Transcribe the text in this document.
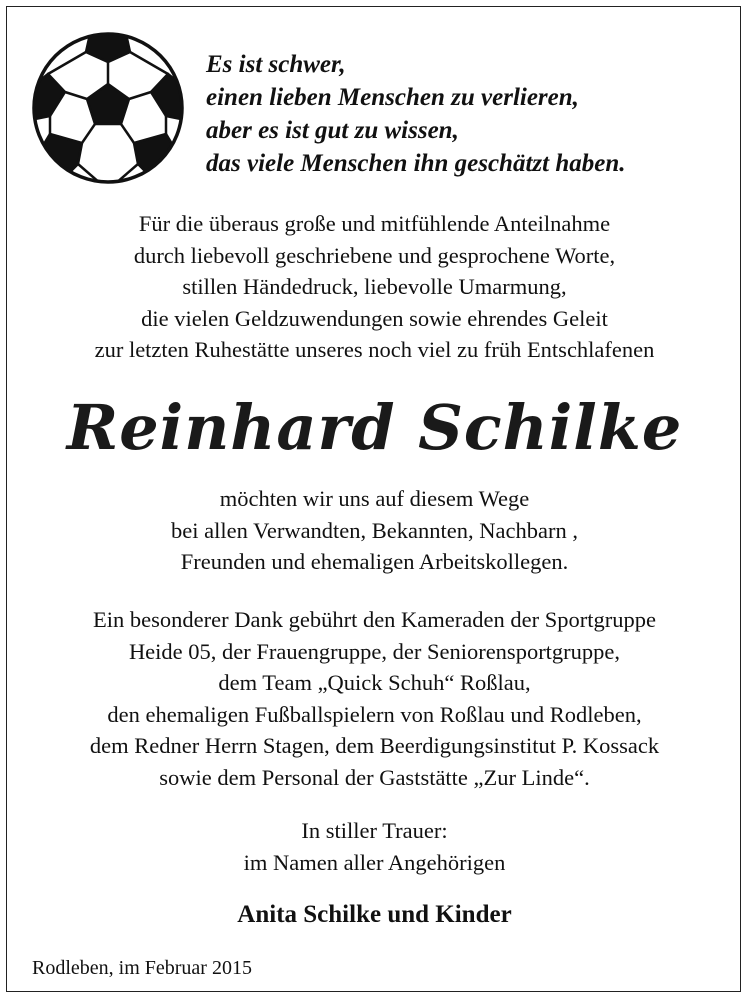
Es ist schwer,
einen lieben Menschen zu verlieren,
aber es ist gut zu wissen,
das viele Menschen ihn geschätzt haben.
Für die überaus große und mitfühlende Anteilnahme
durch liebevoll geschriebene und gesprochene Worte,
stillen Händedruck, liebevolle Umarmung,
die vielen Geldzuwendungen sowie ehrendes Geleit
zur letzten Ruhestätte unseres noch viel zu früh Entschlafenen
Reinhard Schilke
möchten wir uns auf diesem Wege
bei allen Verwandten, Bekannten, Nachbarn ,
Freunden und ehemaligen Arbeitskollegen.
Ein besonderer Dank gebührt den Kameraden der Sportgruppe
Heide 05, der Frauengruppe, der Seniorensportgruppe,
dem Team „Quick Schuh“ Roßlau,
den ehemaligen Fußballspielern von Roßlau und Rodleben,
dem Redner Herrn Stagen, dem Beerdigungsinstitut P. Kossack
sowie dem Personal der Gaststätte „Zur Linde“.
In stiller Trauer:
im Namen aller Angehörigen
Anita Schilke und Kinder
Rodleben, im Februar 2015
